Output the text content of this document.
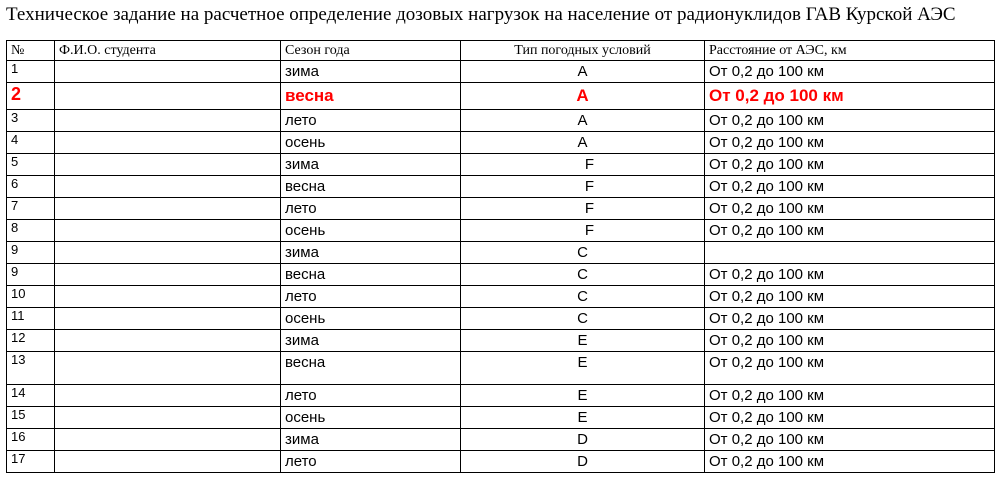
Техническое задание на расчетное определение дозовых нагрузок на население от радионуклидов ГАВ Курской АЭС
№	Ф.И.О. студента	Сезон года	Тип погодных условий	Расстояние от АЭС, км
1		зима	A	От 0,2 до 100 км
2		весна	A	От 0,2 до 100 км
3		лето	A	От 0,2 до 100 км
4		осень	A	От 0,2 до 100 км
5		зима	F	От 0,2 до 100 км
6		весна	F	От 0,2 до 100 км
7		лето	F	От 0,2 до 100 км
8		осень	F	От 0,2 до 100 км
9		зима	C	
9		весна	C	От 0,2 до 100 км
10		лето	C	От 0,2 до 100 км
11		осень	C	От 0,2 до 100 км
12		зима	E	От 0,2 до 100 км
13		весна	E	От 0,2 до 100 км
14		лето	E	От 0,2 до 100 км
15		осень	E	От 0,2 до 100 км
16		зима	D	От 0,2 до 100 км
17		лето	D	От 0,2 до 100 км
